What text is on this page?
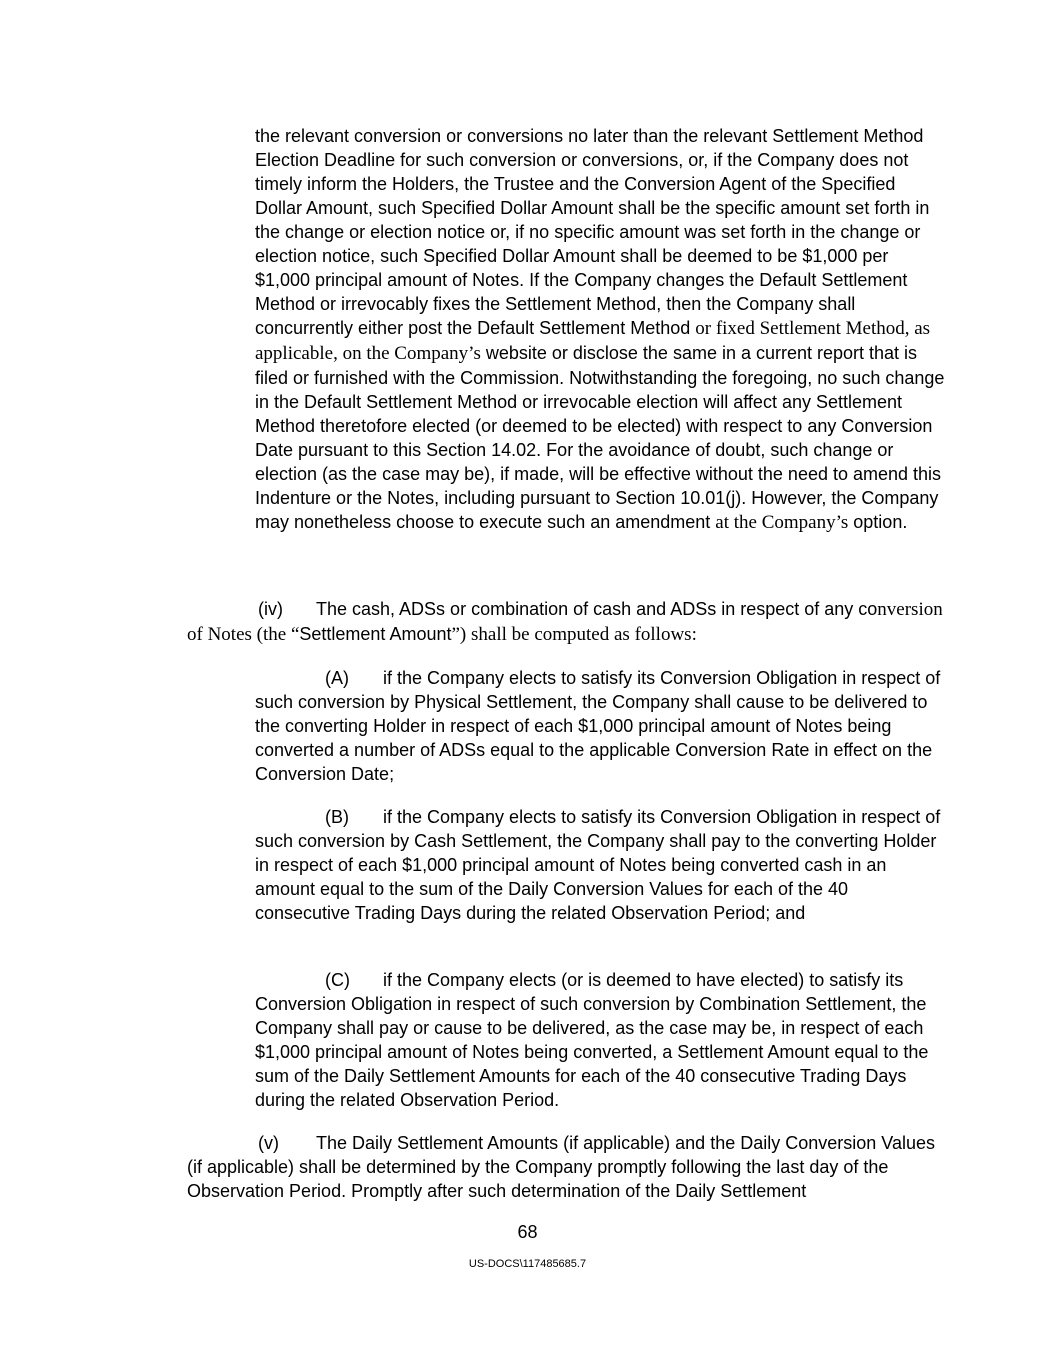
the relevant conversion or conversions no later than the relevant Settlement Method Election Deadline for such conversion or conversions, or, if the Company does not timely inform the Holders, the Trustee and the Conversion Agent of the Specified Dollar Amount, such Specified Dollar Amount shall be the specific amount set forth in the change or election notice or, if no specific amount was set forth in the change or election notice, such Specified Dollar Amount shall be deemed to be $1,000 per $1,000 principal amount of Notes. If the Company changes the Default Settlement Method or irrevocably fixes the Settlement Method, then the Company shall concurrently either post the Default Settlement Method or fixed Settlement Method, as applicable, on the Company’s website or disclose the same in a current report that is filed or furnished with the Commission. Notwithstanding the foregoing, no such change in the Default Settlement Method or irrevocable election will affect any Settlement Method theretofore elected (or deemed to be elected) with respect to any Conversion Date pursuant to this Section 14.02. For the avoidance of doubt, such change or election (as the case may be), if made, will be effective without the need to amend this Indenture or the Notes, including pursuant to Section 10.01(j). However, the Company may nonetheless choose to execute such an amendment at the Company’s option.

(iv) The cash, ADSs or combination of cash and ADSs in respect of any conversion of Notes (the “Settlement Amount”) shall be computed as follows:

(A) if the Company elects to satisfy its Conversion Obligation in respect of such conversion by Physical Settlement, the Company shall cause to be delivered to the converting Holder in respect of each $1,000 principal amount of Notes being converted a number of ADSs equal to the applicable Conversion Rate in effect on the Conversion Date;

(B) if the Company elects to satisfy its Conversion Obligation in respect of such conversion by Cash Settlement, the Company shall pay to the converting Holder in respect of each $1,000 principal amount of Notes being converted cash in an amount equal to the sum of the Daily Conversion Values for each of the 40 consecutive Trading Days during the related Observation Period; and

(C) if the Company elects (or is deemed to have elected) to satisfy its Conversion Obligation in respect of such conversion by Combination Settlement, the Company shall pay or cause to be delivered, as the case may be, in respect of each $1,000 principal amount of Notes being converted, a Settlement Amount equal to the sum of the Daily Settlement Amounts for each of the 40 consecutive Trading Days during the related Observation Period.

(v) The Daily Settlement Amounts (if applicable) and the Daily Conversion Values (if applicable) shall be determined by the Company promptly following the last day of the Observation Period. Promptly after such determination of the Daily Settlement

68
US-DOCS\117485685.7
